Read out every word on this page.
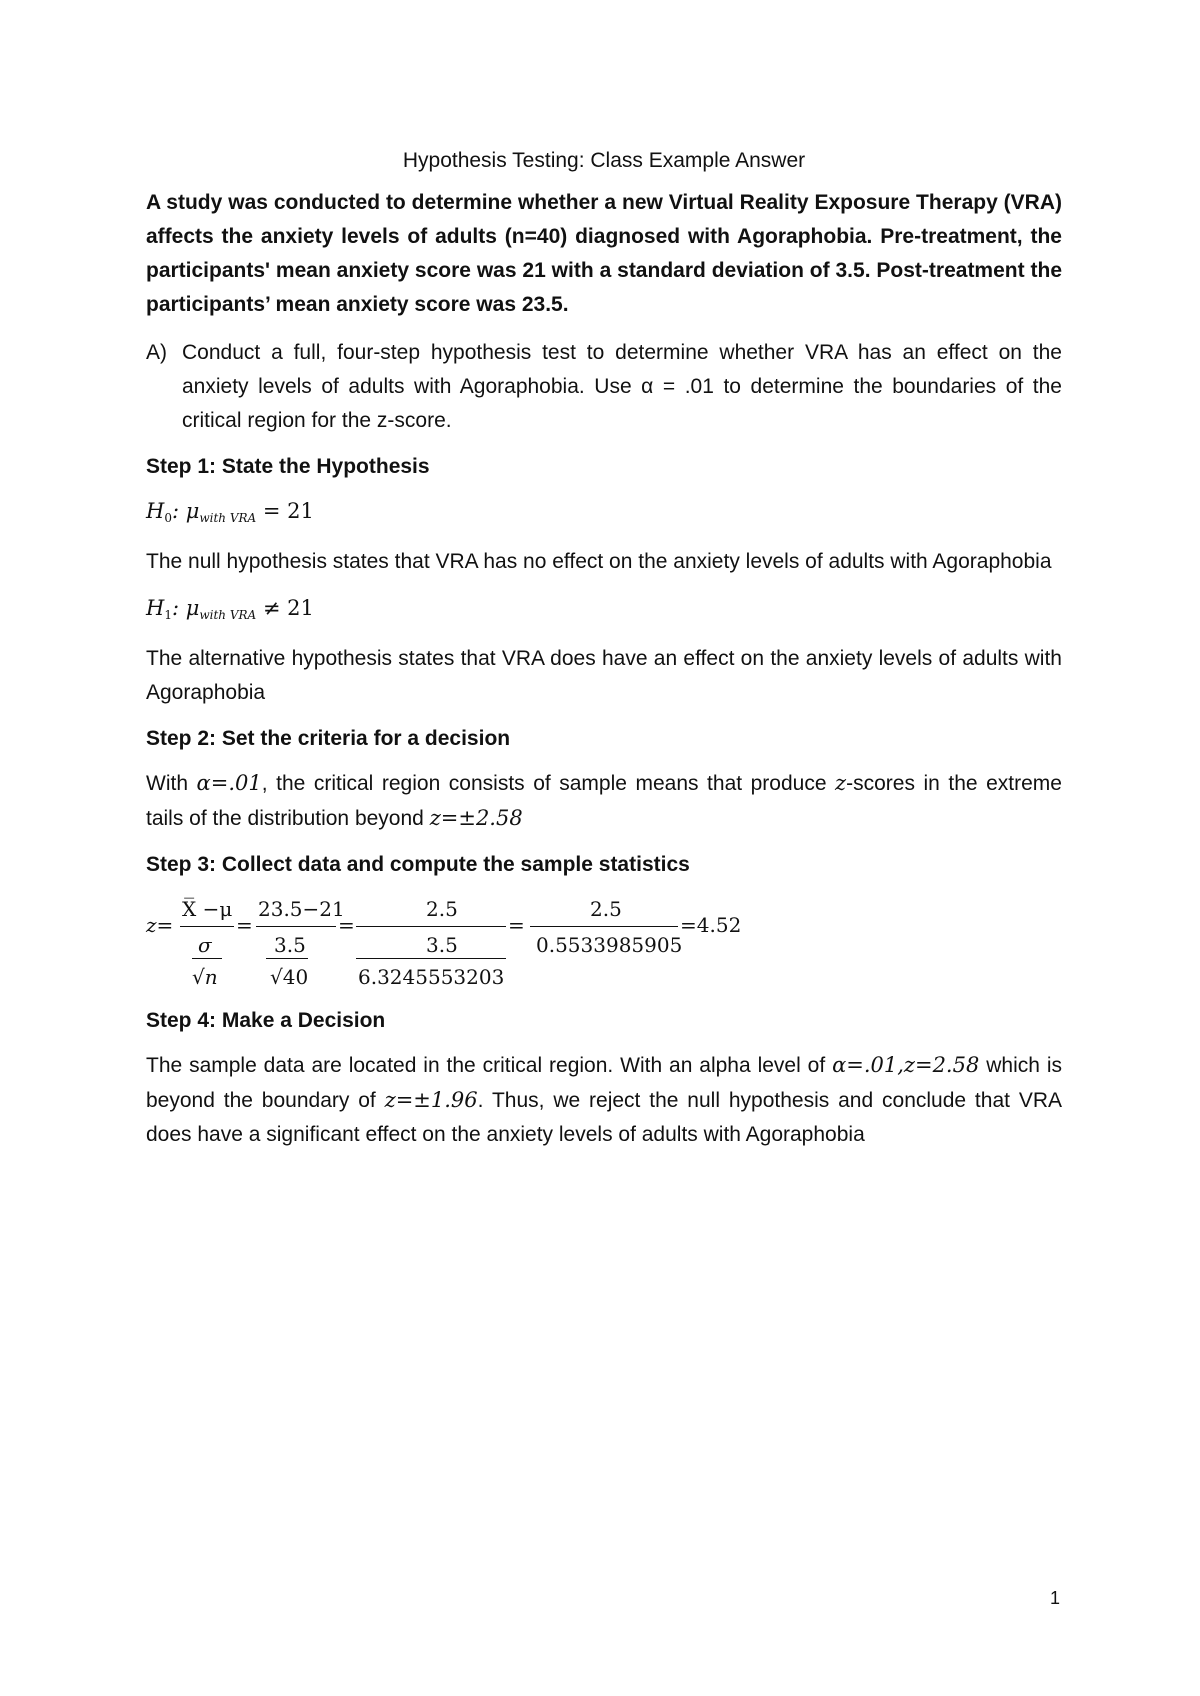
Hypothesis Testing: Class Example Answer
A study was conducted to determine whether a new Virtual Reality Exposure Therapy (VRA) affects the anxiety levels of adults (n=40) diagnosed with Agoraphobia. Pre-treatment, the participants' mean anxiety score was 21 with a standard deviation of 3.5. Post-treatment the participants’ mean anxiety score was 23.5.
A) Conduct a full, four-step hypothesis test to determine whether VRA has an effect on the anxiety levels of adults with Agoraphobia. Use α = .01 to determine the boundaries of the critical region for the z-score.
Step 1: State the Hypothesis
$H_0$: $\mu_{with VRA} = 21$
The null hypothesis states that VRA has no effect on the anxiety levels of adults with Agoraphobia
$H_1$: $\mu_{with VRA} \ne 21$
The alternative hypothesis states that VRA does have an effect on the anxiety levels of adults with Agoraphobia
Step 2: Set the criteria for a decision
With α=.01, the critical region consists of sample means that produce z-scores in the extreme tails of the distribution beyond z=±2.58
Step 3: Collect data and compute the sample statistics
z=
X̅ −μ
σ
√n
=
23.5−21
3.5
√40
=
2.5
3.5
6.3245553203
=
2.5
0.5533985905
=4.52
Step 4: Make a Decision
The sample data are located in the critical region. With an alpha level of α=.01,z=2.58 which is beyond the boundary of z=±1.96. Thus, we reject the null hypothesis and conclude that VRA does have a significant effect on the anxiety levels of adults with Agoraphobia
1
